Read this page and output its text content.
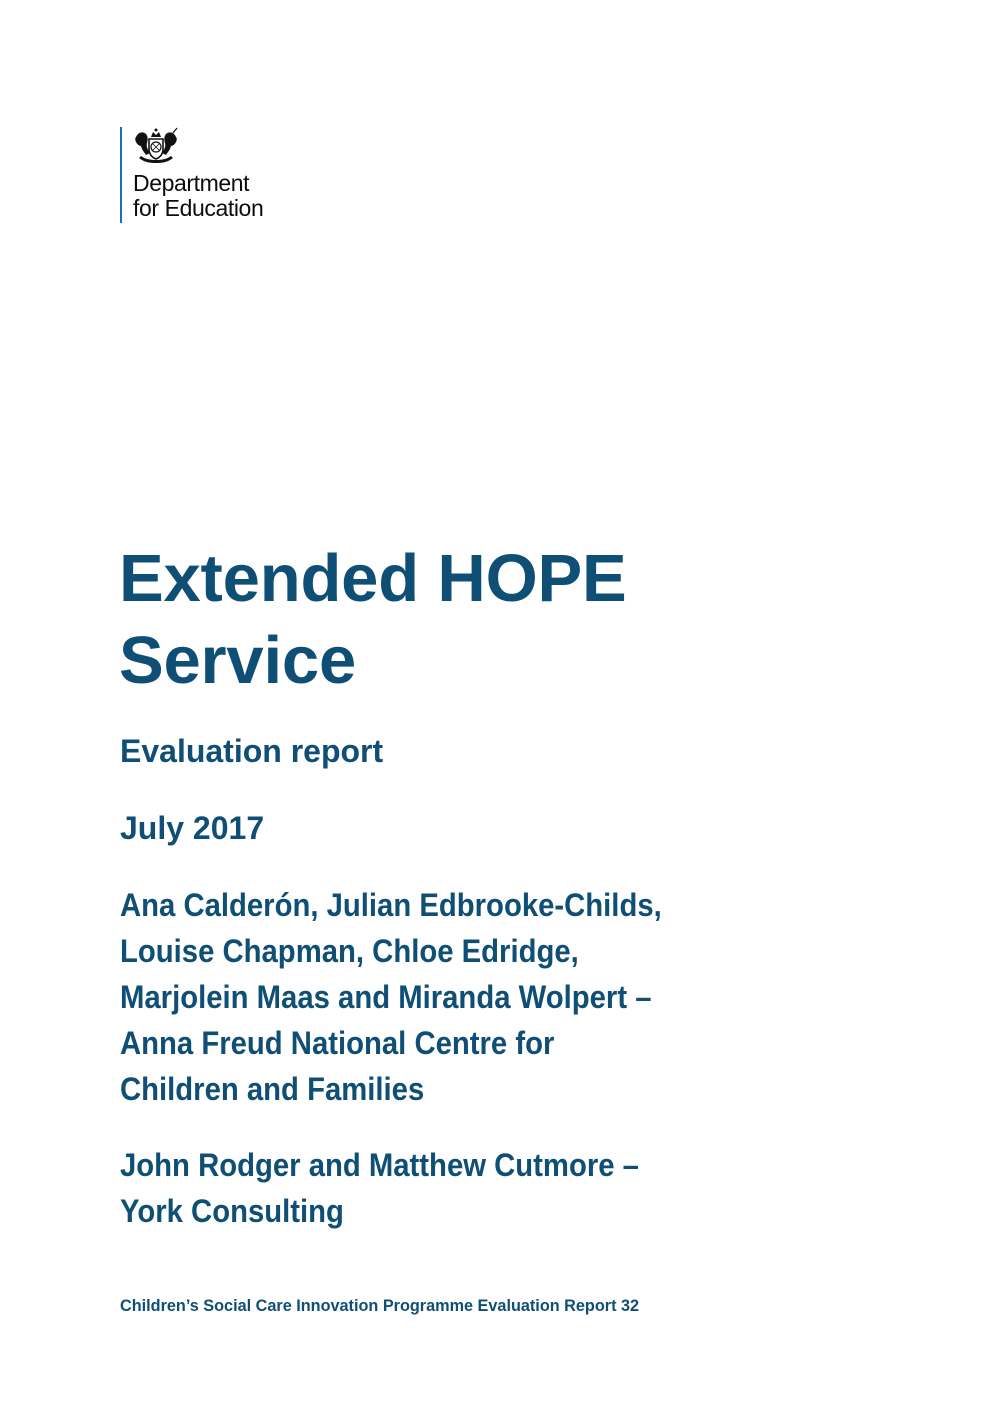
Department
for Education
Extended HOPE
Service
Evaluation report
July 2017
Ana Calderón, Julian Edbrooke-Childs,
Louise Chapman, Chloe Edridge,
Marjolein Maas and Miranda Wolpert –
Anna Freud National Centre for
Children and Families
John Rodger and Matthew Cutmore –
York Consulting

Children’s Social Care Innovation Programme Evaluation Report 32
